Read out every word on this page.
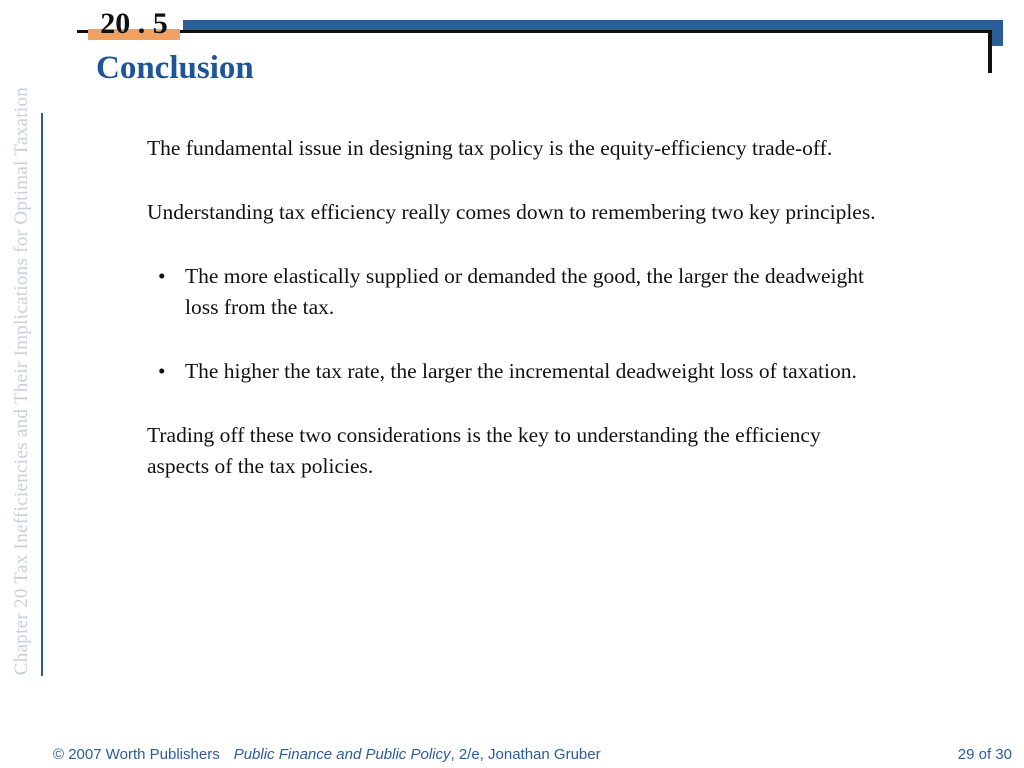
Chapter 20 Tax Inefficiencies and Their Implications for Optimal Taxation
20 . 5
Conclusion

The fundamental issue in designing tax policy is the equity-efficiency trade-off.

Understanding tax efficiency really comes down to remembering two key principles.

• The more elastically supplied or demanded the good, the larger the deadweight loss from the tax.
• The higher the tax rate, the larger the incremental deadweight loss of taxation.

Trading off these two considerations is the key to understanding the efficiency aspects of the tax policies.

© 2007 Worth Publishers Public Finance and Public Policy, 2/e, Jonathan Gruber	29 of 30
